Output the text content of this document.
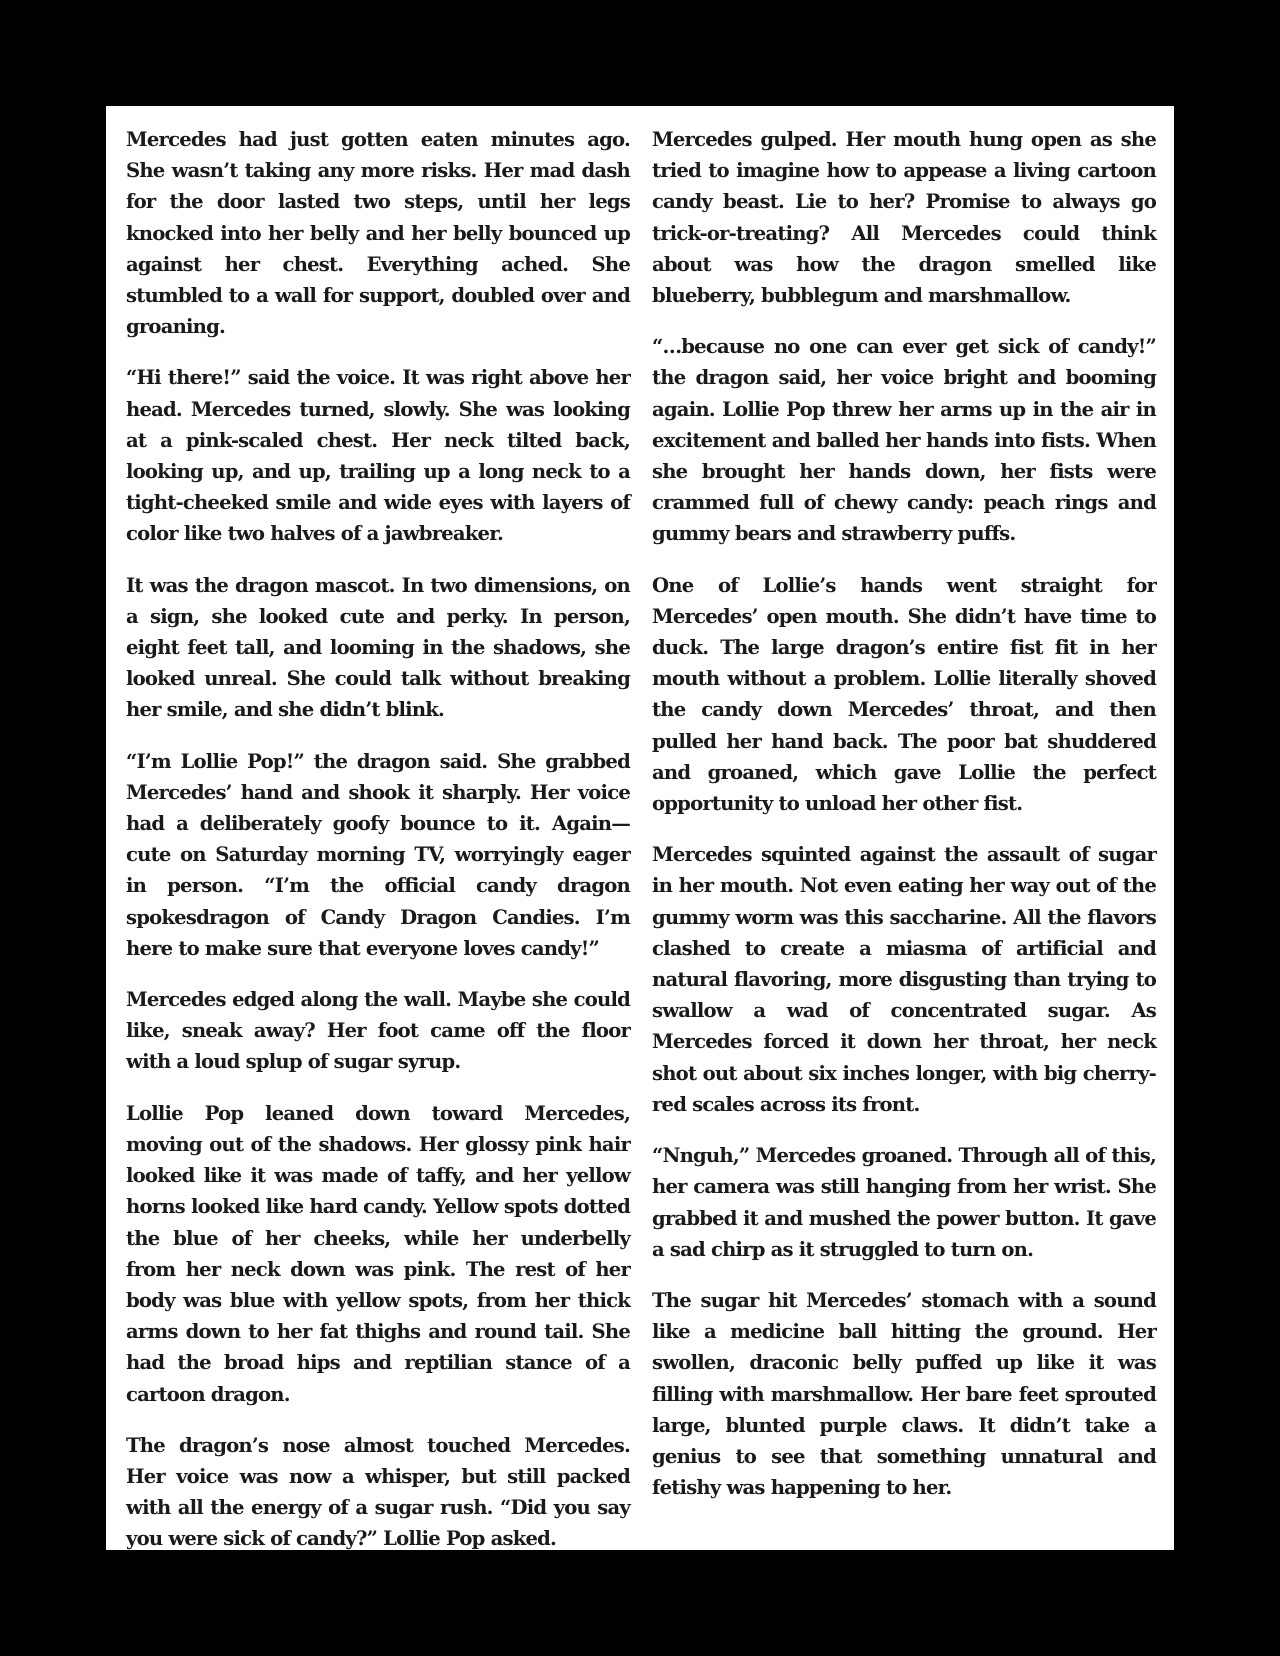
Mercedes had just gotten eaten minutes ago. She wasn’t taking any more risks. Her mad dash for the door lasted two steps, until her legs knocked into her belly and her belly bounced up against her chest. Everything ached. She stumbled to a wall for support, doubled over and groaning.

“Hi there!” said the voice. It was right above her head. Mercedes turned, slowly. She was looking at a pink-scaled chest. Her neck tilted back, looking up, and up, trailing up a long neck to a tight-cheeked smile and wide eyes with layers of color like two halves of a jawbreaker.

It was the dragon mascot. In two dimensions, on a sign, she looked cute and perky. In person, eight feet tall, and looming in the shadows, she looked unreal. She could talk without breaking her smile, and she didn’t blink.

“I’m Lollie Pop!” the dragon said. She grabbed Mercedes’ hand and shook it sharply. Her voice had a deliberately goofy bounce to it. Again—cute on Saturday morning TV, worryingly eager in person. “I’m the official candy dragon spokesdragon of Candy Dragon Candies. I’m here to make sure that everyone loves candy!”

Mercedes edged along the wall. Maybe she could like, sneak away? Her foot came off the floor with a loud splup of sugar syrup.

Lollie Pop leaned down toward Mercedes, moving out of the shadows. Her glossy pink hair looked like it was made of taffy, and her yellow horns looked like hard candy. Yellow spots dotted the blue of her cheeks, while her underbelly from her neck down was pink. The rest of her body was blue with yellow spots, from her thick arms down to her fat thighs and round tail. She had the broad hips and reptilian stance of a cartoon dragon.

The dragon’s nose almost touched Mercedes. Her voice was now a whisper, but still packed with all the energy of a sugar rush. “Did you say you were sick of candy?” Lollie Pop asked.

Mercedes gulped. Her mouth hung open as she tried to imagine how to appease a living cartoon candy beast. Lie to her? Promise to always go trick-or-treating? All Mercedes could think about was how the dragon smelled like blueberry, bubblegum and marshmallow.

“…because no one can ever get sick of candy!” the dragon said, her voice bright and booming again. Lollie Pop threw her arms up in the air in excitement and balled her hands into fists. When she brought her hands down, her fists were crammed full of chewy candy: peach rings and gummy bears and strawberry puffs.

One of Lollie’s hands went straight for Mercedes’ open mouth. She didn’t have time to duck. The large dragon’s entire fist fit in her mouth without a problem. Lollie literally shoved the candy down Mercedes’ throat, and then pulled her hand back. The poor bat shuddered and groaned, which gave Lollie the perfect opportunity to unload her other fist.

Mercedes squinted against the assault of sugar in her mouth. Not even eating her way out of the gummy worm was this saccharine. All the flavors clashed to create a miasma of artificial and natural flavoring, more disgusting than trying to swallow a wad of concentrated sugar. As Mercedes forced it down her throat, her neck shot out about six inches longer, with big cherry-red scales across its front.

“Nnguh,” Mercedes groaned. Through all of this, her camera was still hanging from her wrist. She grabbed it and mushed the power button. It gave a sad chirp as it struggled to turn on.

The sugar hit Mercedes’ stomach with a sound like a medicine ball hitting the ground. Her swollen, draconic belly puffed up like it was filling with marshmallow. Her bare feet sprouted large, blunted purple claws. It didn’t take a genius to see that something unnatural and fetishy was happening to her.
